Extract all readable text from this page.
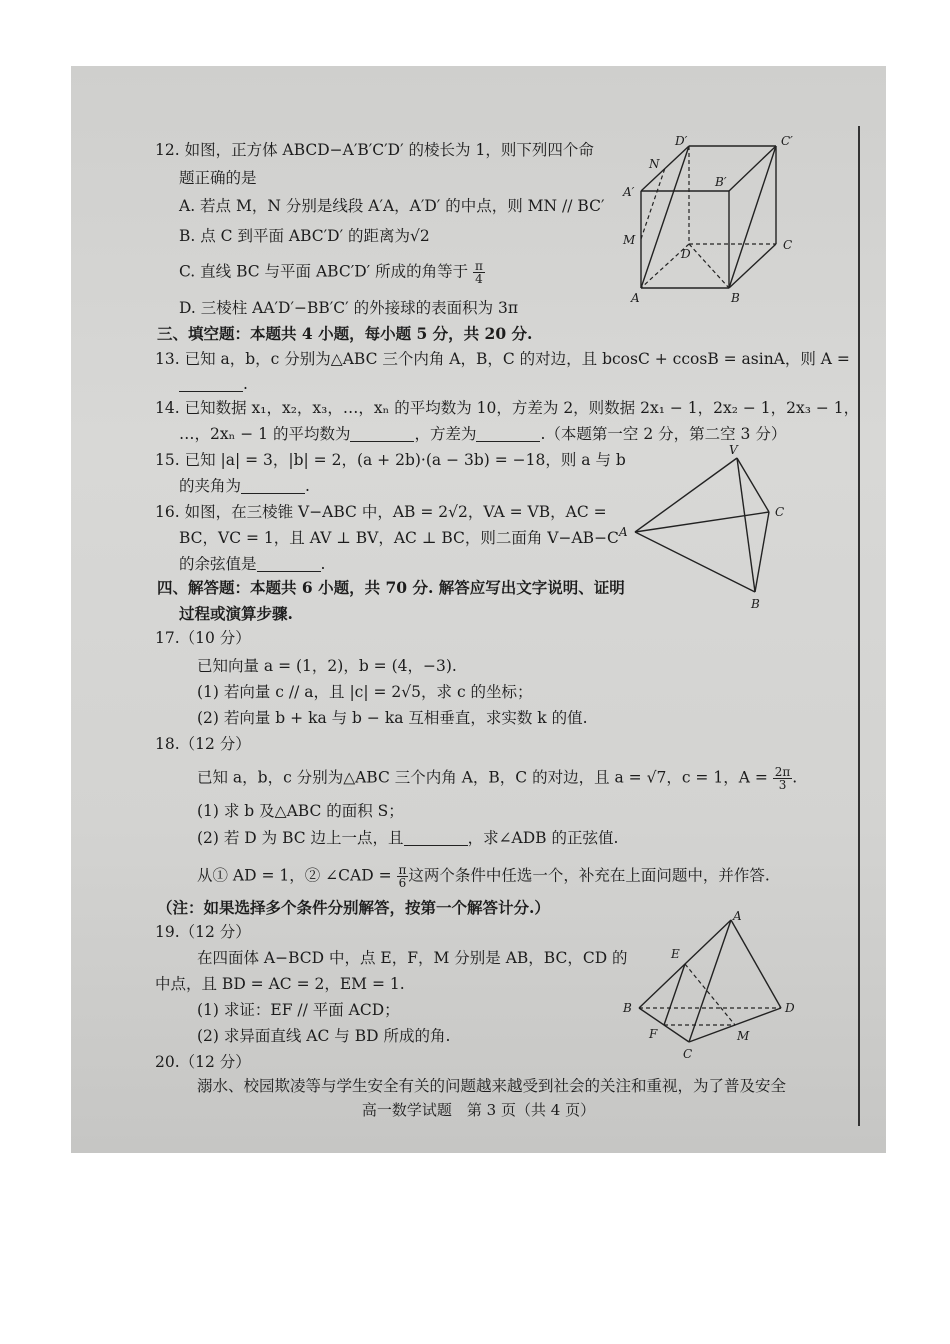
12. 如图，正方体 ABCD−A′B′C′D′ 的棱长为 1，则下列四个命
题正确的是
A. 若点 M，N 分别是线段 A′A，A′D′ 的中点，则 MN // BC′
B. 点 C 到平面 ABC′D′ 的距离为√2
C. 直线 BC 与平面 ABC′D′ 所成的角等于 $\frac{\pi}{4}$
D. 三棱柱 AA′D′−BB′C′ 的外接球的表面积为 3π
D′	C′
N
B′
A′
M
D
C
A	B
三、填空题：本题共 4 小题，每小题 5 分，共 20 分.
13. 已知 a，b，c 分别为△ABC 三个内角 A，B，C 的对边，且 bcosC + ccosB = asinA，则 A =
.
14. 已知数据 x₁，x₂，x₃，…，xₙ 的平均数为 10，方差为 2，则数据 2x₁ − 1，2x₂ − 1，2x₃ − 1，
…，2xₙ − 1 的平均数为	，方差为	.（本题第一空 2 分，第二空 3 分）
15. 已知 |a| = 3，|b| = 2，(a + 2b)·(a − 3b) = −18，则 a 与 b
的夹角为	.
16. 如图，在三棱锥 V−ABC 中，AB = 2√2，VA = VB，AC =
BC，VC = 1，且 AV ⊥ BV，AC ⊥ BC，则二面角 V−AB−C
的余弦值是	.
V
A
C
B
四、解答题：本题共 6 小题，共 70 分. 解答应写出文字说明、证明
过程或演算步骤.
17.（10 分）
已知向量 a = (1，2)，b = (4，−3).
(1) 若向量 c // a，且 |c| = 2√5，求 c 的坐标；
(2) 若向量 b + ka 与 b − ka 互相垂直，求实数 k 的值.
18.（12 分）
已知 a，b，c 分别为△ABC 三个内角 A，B，C 的对边，且 a = √7，c = 1，$A = \frac{2\pi}{3}$ .
(1) 求 b 及△ABC 的面积 S；
(2) 若 D 为 BC 边上一点，且	，求∠ADB 的正弦值.
从① AD = 1，② ∠CAD = $\frac{\pi}{6}$ 这两个条件中任选一个，补充在上面问题中，并作答.
（注：如果选择多个条件分别解答，按第一个解答计分.）
19.（12 分）
在四面体 A−BCD 中，点 E，F，M 分别是 AB，BC，CD 的
中点，且 BD = AC = 2，EM = 1.
(1) 求证：EF // 平面 ACD；
(2) 求异面直线 AC 与 BD 所成的角.
A
E
B	D
F	M
C
20.（12 分）
溺水、校园欺凌等与学生安全有关的问题越来越受到社会的关注和重视，为了普及安全
高一数学试题　第 3 页（共 4 页）
